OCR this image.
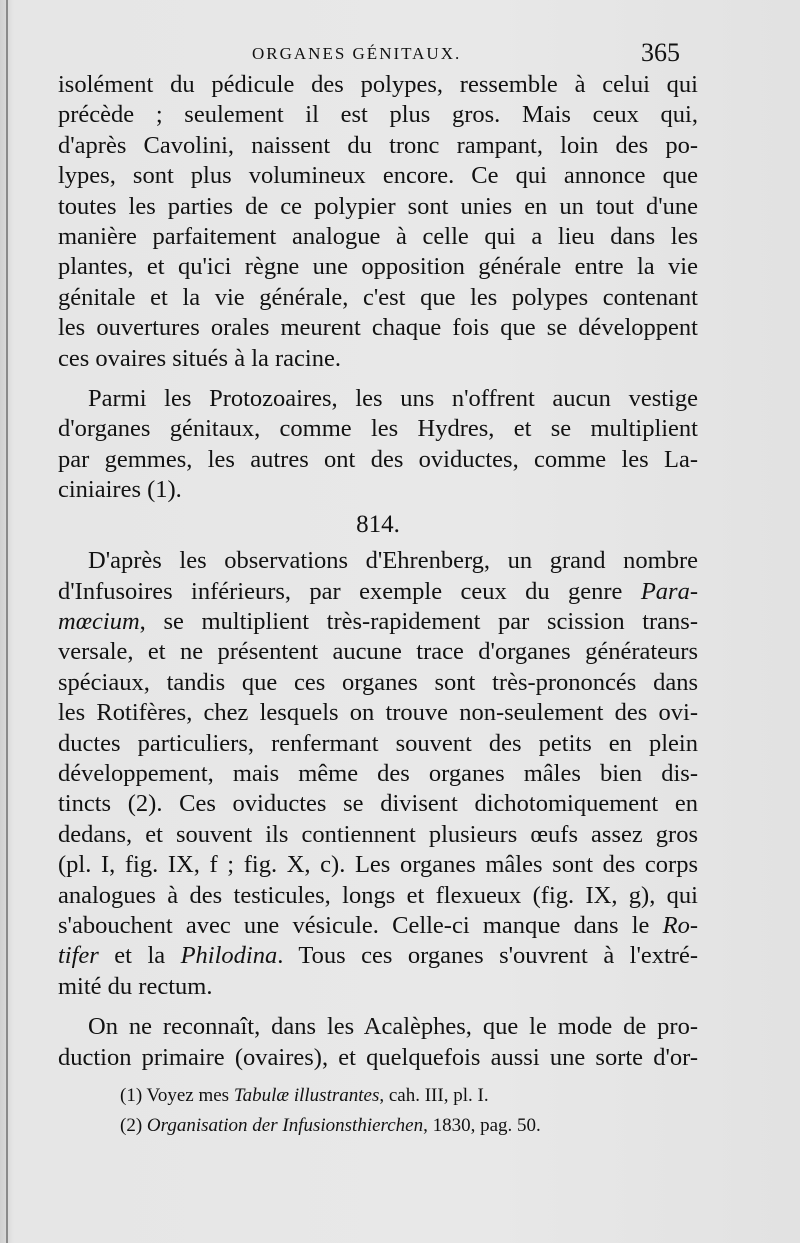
ORGANES GÉNITAUX.	365

isolément du pédicule des polypes, ressemble à celui qui

précède ; seulement il est plus gros. Mais ceux qui,

d'après Cavolini, naissent du tronc rampant, loin des po-

lypes, sont plus volumineux encore. Ce qui annonce que

toutes les parties de ce polypier sont unies en un tout d'une

manière parfaitement analogue à celle qui a lieu dans les

plantes, et qu'ici règne une opposition générale entre la vie

génitale et la vie générale, c'est que les polypes contenant

les ouvertures orales meurent chaque fois que se développent

ces ovaires situés à la racine.

Parmi les Protozoaires, les uns n'offrent aucun vestige

d'organes génitaux, comme les Hydres, et se multiplient

par gemmes, les autres ont des oviductes, comme les La-

ciniaires (1).

814.

D'après les observations d'Ehrenberg, un grand nombre

d'Infusoires inférieurs, par exemple ceux du genre Para-

mœcium, se multiplient très-rapidement par scission trans-

versale, et ne présentent aucune trace d'organes générateurs

spéciaux, tandis que ces organes sont très-prononcés dans

les Rotifères, chez lesquels on trouve non-seulement des ovi-

ductes particuliers, renfermant souvent des petits en plein

développement, mais même des organes mâles bien dis-

tincts (2). Ces oviductes se divisent dichotomiquement en

dedans, et souvent ils contiennent plusieurs œufs assez gros

(pl. I, fig. IX, f ; fig. X, c). Les organes mâles sont des corps

analogues à des testicules, longs et flexueux (fig. IX, g), qui

s'abouchent avec une vésicule. Celle-ci manque dans le Ro-

tifer et la Philodina. Tous ces organes s'ouvrent à l'extré-

mité du rectum.

On ne reconnaît, dans les Acalèphes, que le mode de pro-

duction primaire (ovaires), et quelquefois aussi une sorte d'or-

(1) Voyez mes Tabulæ illustrantes, cah. III, pl. I.

(2) Organisation der Infusionsthierchen, 1830, pag. 50.
